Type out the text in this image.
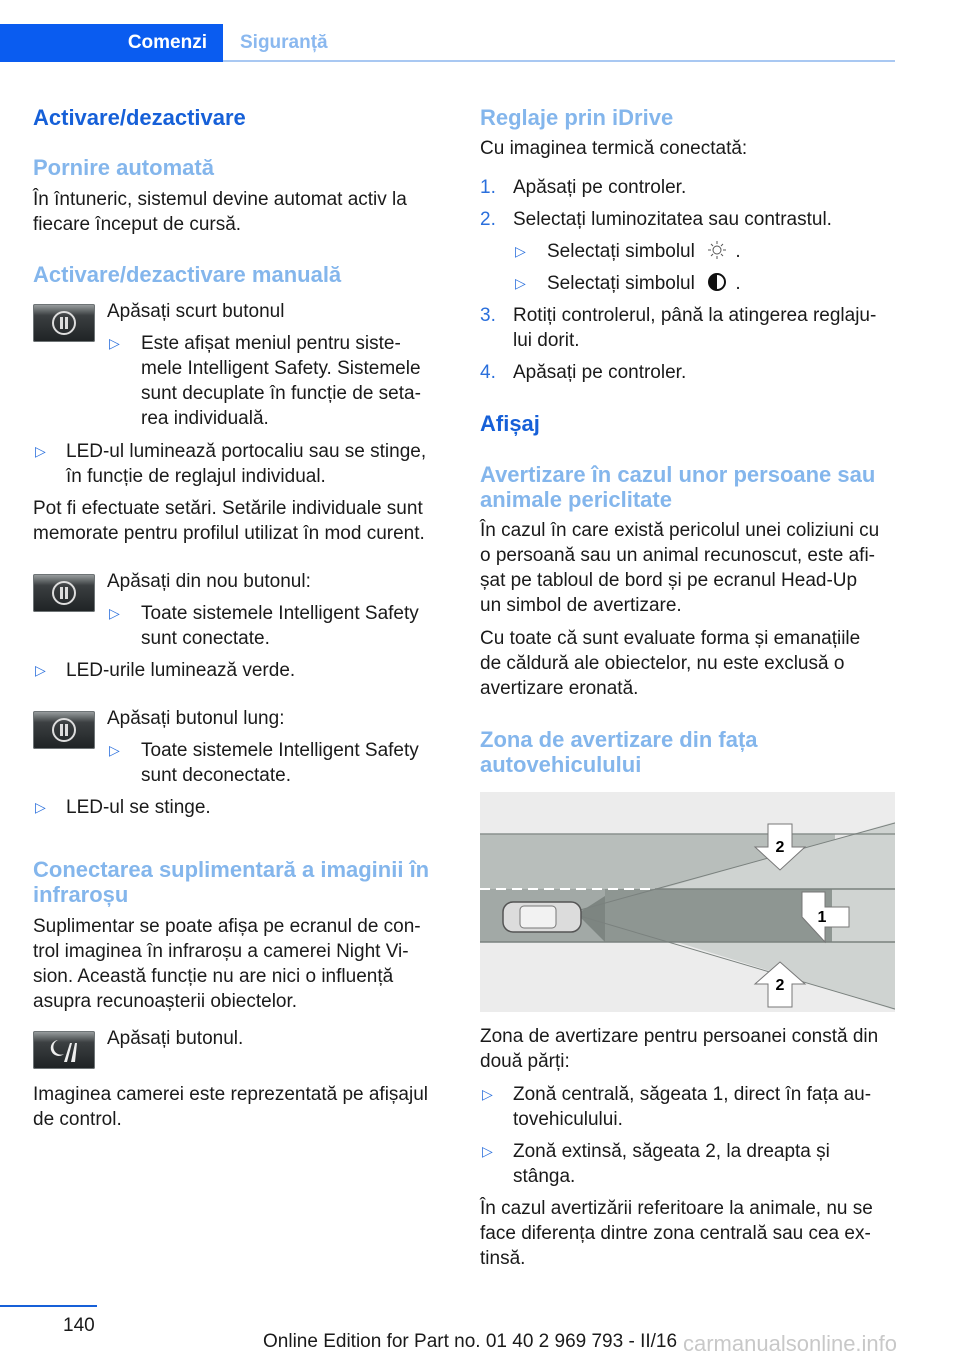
Comenzi	Siguranță
Activare/dezactivare
Pornire automată
În întuneric, sistemul devine automat activ la
fiecare început de cursă.
Activare/dezactivare manuală
Apăsați scurt butonul
▷ Este afișat meniul pentru siste-
mele Intelligent Safety. Sistemele
sunt decuplate în funcție de seta-
rea individuală.
▷ LED-ul luminează portocaliu sau se stinge,
în funcție de reglajul individual.
Pot fi efectuate setări. Setările individuale sunt
memorate pentru profilul utilizat în mod curent.
Apăsați din nou butonul:
▷ Toate sistemele Intelligent Safety
sunt conectate.
▷ LED-urile luminează verde.
Apăsați butonul lung:
▷ Toate sistemele Intelligent Safety
sunt deconectate.
▷ LED-ul se stinge.
Conectarea suplimentară a imaginii în
infraroșu
Suplimentar se poate afișa pe ecranul de con-
trol imaginea în infraroșu a camerei Night Vi-
sion. Această funcție nu are nici o influență
asupra recunoașterii obiectelor.
Apăsați butonul.
Imaginea camerei este reprezentată pe afișajul
de control.
Reglaje prin iDrive
Cu imaginea termică conectată:
1. Apăsați pe controler.
2. Selectați luminozitatea sau contrastul.
▷ Selectați simbolul .
▷ Selectați simbolul .
3. Rotiți controlerul, până la atingerea reglaju-
lui dorit.
4. Apăsați pe controler.
Afișaj
Avertizare în cazul unor persoane sau
animale periclitate
În cazul în care există pericolul unei coliziuni cu
o persoană sau un animal recunoscut, este afi-
șat pe tabloul de bord și pe ecranul Head-Up
un simbol de avertizare.
Cu toate că sunt evaluate forma și emanațiile
de căldură ale obiectelor, nu este exclusă o
avertizare eronată.
Zona de avertizare din fața
autovehiculului
2
1
2
Zona de avertizare pentru persoanei constă din
două părți:
▷ Zonă centrală, săgeata 1, direct în fața au-
tovehiculului.
▷ Zonă extinsă, săgeata 2, la dreapta și
stânga.
În cazul avertizării referitoare la animale, nu se
face diferența dintre zona centrală sau cea ex-
tinsă.
140
Online Edition for Part no. 01 40 2 969 793 - II/16 carmanualsonline.info
